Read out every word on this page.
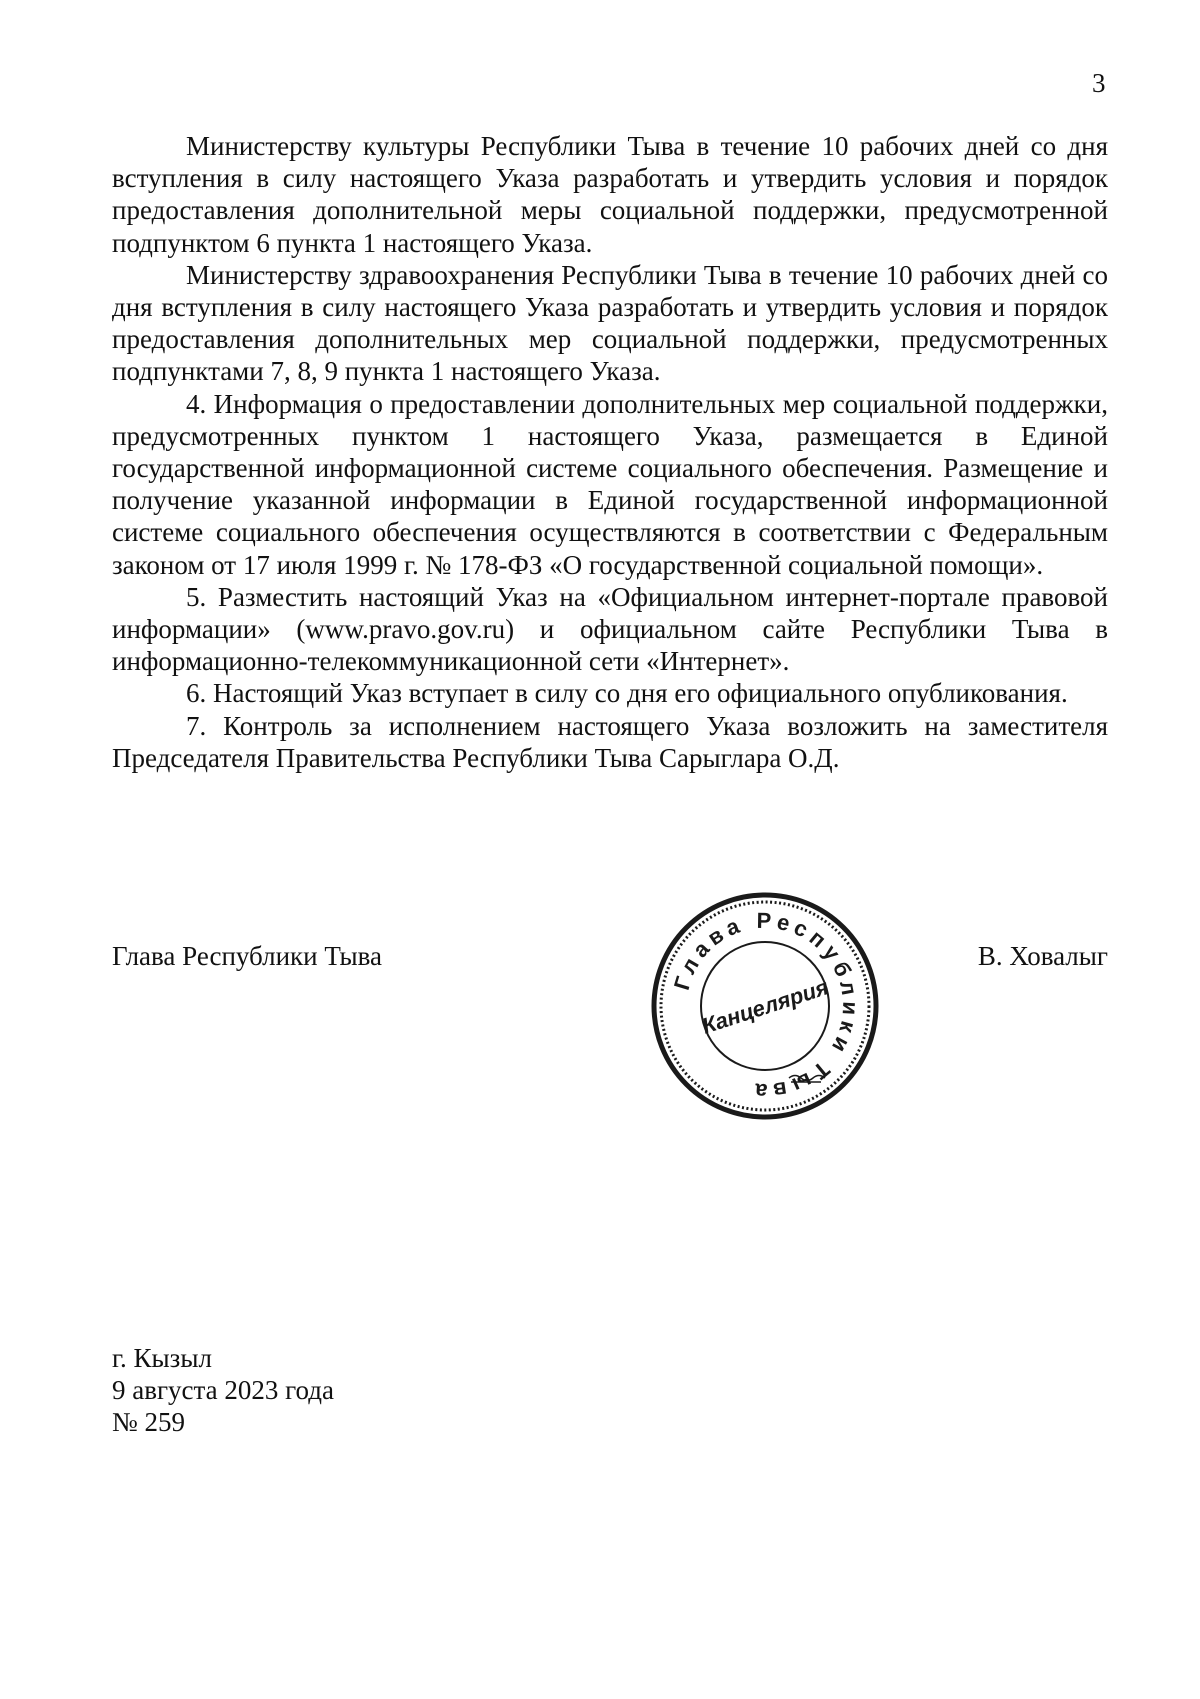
3

Министерству культуры Республики Тыва в течение 10 рабочих дней со дня вступления в силу настоящего Указа разработать и утвердить условия и порядок предоставления дополнительной меры социальной поддержки, предусмотренной подпунктом 6 пункта 1 настоящего Указа.

Министерству здравоохранения Республики Тыва в течение 10 рабочих дней со дня вступления в силу настоящего Указа разработать и утвердить условия и порядок предоставления дополнительных мер социальной поддержки, предусмотренных подпунктами 7, 8, 9 пункта 1 настоящего Указа.

4. Информация о предоставлении дополнительных мер социальной поддержки, предусмотренных пунктом 1 настоящего Указа, размещается в Единой государственной информационной системе социального обеспечения. Размещение и получение указанной информации в Единой государственной информационной системе социального обеспечения осуществляются в соответствии с Федеральным законом от 17 июля 1999 г. № 178-ФЗ «О государственной социальной помощи».

5. Разместить настоящий Указ на «Официальном интернет-портале правовой информации» (www.pravo.gov.ru) и официальном сайте Республики Тыва в информационно-телекоммуникационной сети «Интернет».

6. Настоящий Указ вступает в силу со дня его официального опубликования.

7. Контроль за исполнением настоящего Указа возложить на заместителя Председателя Правительства Республики Тыва Сарыглара О.Д.

Глава Республики Тыва	В. Ховалыг
Глава Республики Тыва
Канцелярия
г. Кызыл
9 августа 2023 года
№ 259
